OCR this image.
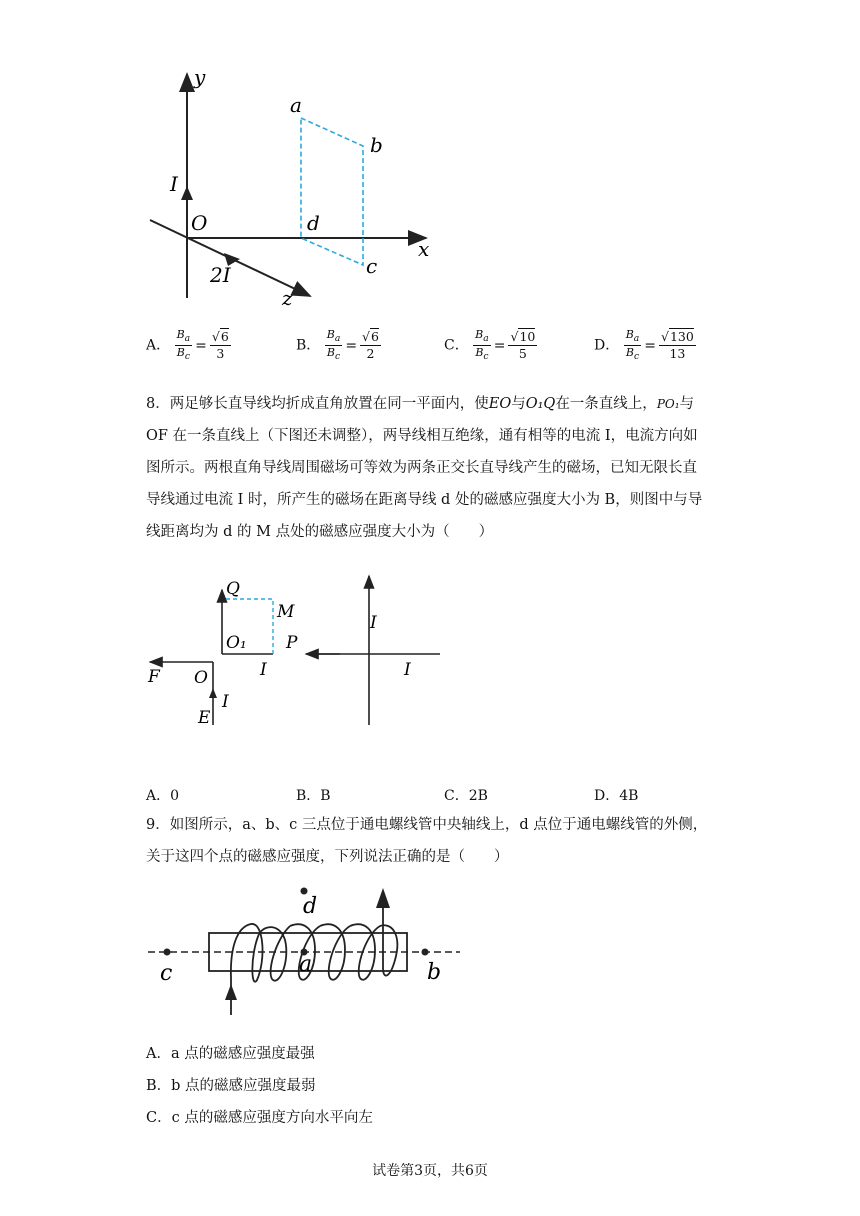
y
x
z
O
I
2I
a
b
c
d
A． $\frac{B_a}{B_c} = \frac{√6}{3}$	B． $\frac{B_a}{B_c} = \frac{√6}{2}$	C． $\frac{B_a}{B_c} = \frac{√10}{5}$	D． $\frac{B_a}{B_c} = \frac{√130}{13}$
8．两足够长直导线均折成直角放置在同一平面内，使EO与O₁Q在一条直线上，PO₁与
OF 在一条直线上（下图还未调整），两导线相互绝缘，通有相等的电流 I，电流方向如
图所示。两根直角导线周围磁场可等效为两条正交长直导线产生的磁场，已知无限长直
导线通过电流 I 时，所产生的磁场在距离导线 d 处的磁感应强度大小为 B，则图中与导
线距离均为 d 的 M 点处的磁感应强度大小为（　　）
Q
M
O₁ P
I
F O
I
E
I
I
A．0	B．B	C．2B	D．4B
9．如图所示，a、b、c 三点位于通电螺线管中央轴线上，d 点位于通电螺线管的外侧，
关于这四个点的磁感应强度，下列说法正确的是（　　）
c	a	b
d
A．a 点的磁感应强度最强
B．b 点的磁感应强度最弱
C．c 点的磁感应强度方向水平向左
试卷第3页，共6页
